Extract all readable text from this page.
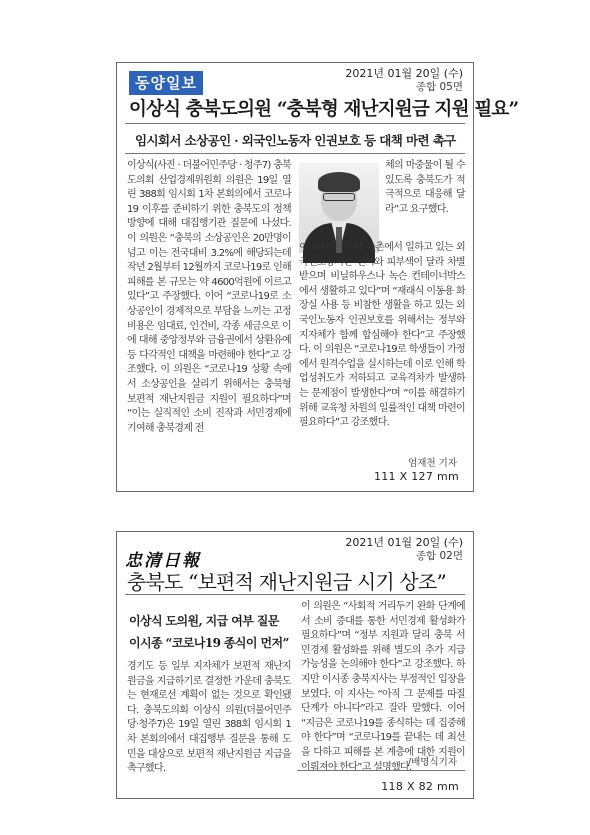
2021년 01월 20일 (수)
동양일보	종합 05면
이상식 충북도의원 “충북형 재난지원금 지원 필요”
임시회서 소상공인 · 외국인노동자 인권보호 등 대책 마련 촉구
이상식(사진 · 더불어민주당 · 청주7) 충북도의회 산업경제위원회 의원은 19일 열린 388회 임시회 1차 본회의에서 코로나19 이후를 준비하기 위한 충북도의 정책방향에 대해 대집행기관 질문에 나섰다. 이 의원은 “충북의 소상공인은 20만명이 넘고 이는 전국대비 3.2%에 해당되는데 작년 2월부터 12월까지 코로나19로 인해 피해를 본 규모는 약 4600억원에 이르고 있다”고 주장했다. 이어 “코로나19로 소상공인이 경제적으로 부담을 느끼는 고정비용은 임대료, 인건비, 각종 세금으로 이에 대해 중앙정부와 금융권에서 상환유예 등 다각적인 대책을 마련해야 한다”고 강조했다. 이 의원은 “코로나19 상황 속에서 소상공인을 살리기 위해서는 충북형 보편적 재난지원금 지원이 필요하다”며 “이는 실직적인 소비 진작과 서민경제에 기여해 충북경제 전
체의 마중물이 될 수 있도록 충북도가 적극적으로 대응해 달라”고 요구했다.
이 의원은 “도내 농촌에서 일하고 있는 외국인노동자는 언어와 피부색이 달라 차별받으며 비닐하우스나 녹슨 컨테이너박스에서 생활하고 있다”며 “재래식 이동용 화장실 사용 등 비참한 생활을 하고 있는 외국인노동자 인권보호를 위해서는 정부와 지자체가 함께 합심해야 한다”고 주장했다. 이 의원은 “코로나19로 학생들이 가정에서 원격수업을 실시하는데 이로 인해 학업성취도가 저하되고 교육격차가 발생하는 문제점이 발생한다”며 “이를 해결하기 위해 교육청 차원의 일률적인 대책 마련이 필요하다”고 강조했다.
엄재천 기자
111 X 127 mm
2021년 01월 20일 (수)
忠清日報	종합 02면
충북도 “보편적 재난지원금 시기 상조”
이상식 도의원, 지급 여부 질문
이시종 “코로나19 종식이 먼저”
경기도 등 일부 지자체가 보편적 재난지원금을 지급하기로 결정한 가운데 충북도는 현재로선 계획이 없는 것으로 확인됐다. 충북도의회 이상식 의원(더불어민주당·청주7)은 19일 열린 388회 임시회 1차 본회의에서 대집행부 질문을 통해 도민을 대상으로 보편적 재난지원금 지급을 촉구했다.
이 의원은 “사회적 거리두기 완화 단계에서 소비 증대를 통한 서민경제 활성화가 필요하다”며 “정부 지원과 달리 충북 서민경제 활성화를 위해 별도의 추가 지급 가능성을 논의해야 한다”고 강조했다. 하지만 이시종 충북지사는 부정적인 입장을 보였다. 이 지사는 “아직 그 문제를 따질 단계가 아니다”라고 잘라 말했다. 이어 “지금은 코로나19를 종식하는 데 집중해야 한다”며 “코로나19를 끝내는 데 최선을 다하고 피해를 본 계층에 대한 지원이 이뤄져야 한다”고 설명했다.
/배명식기자
118 X 82 mm
